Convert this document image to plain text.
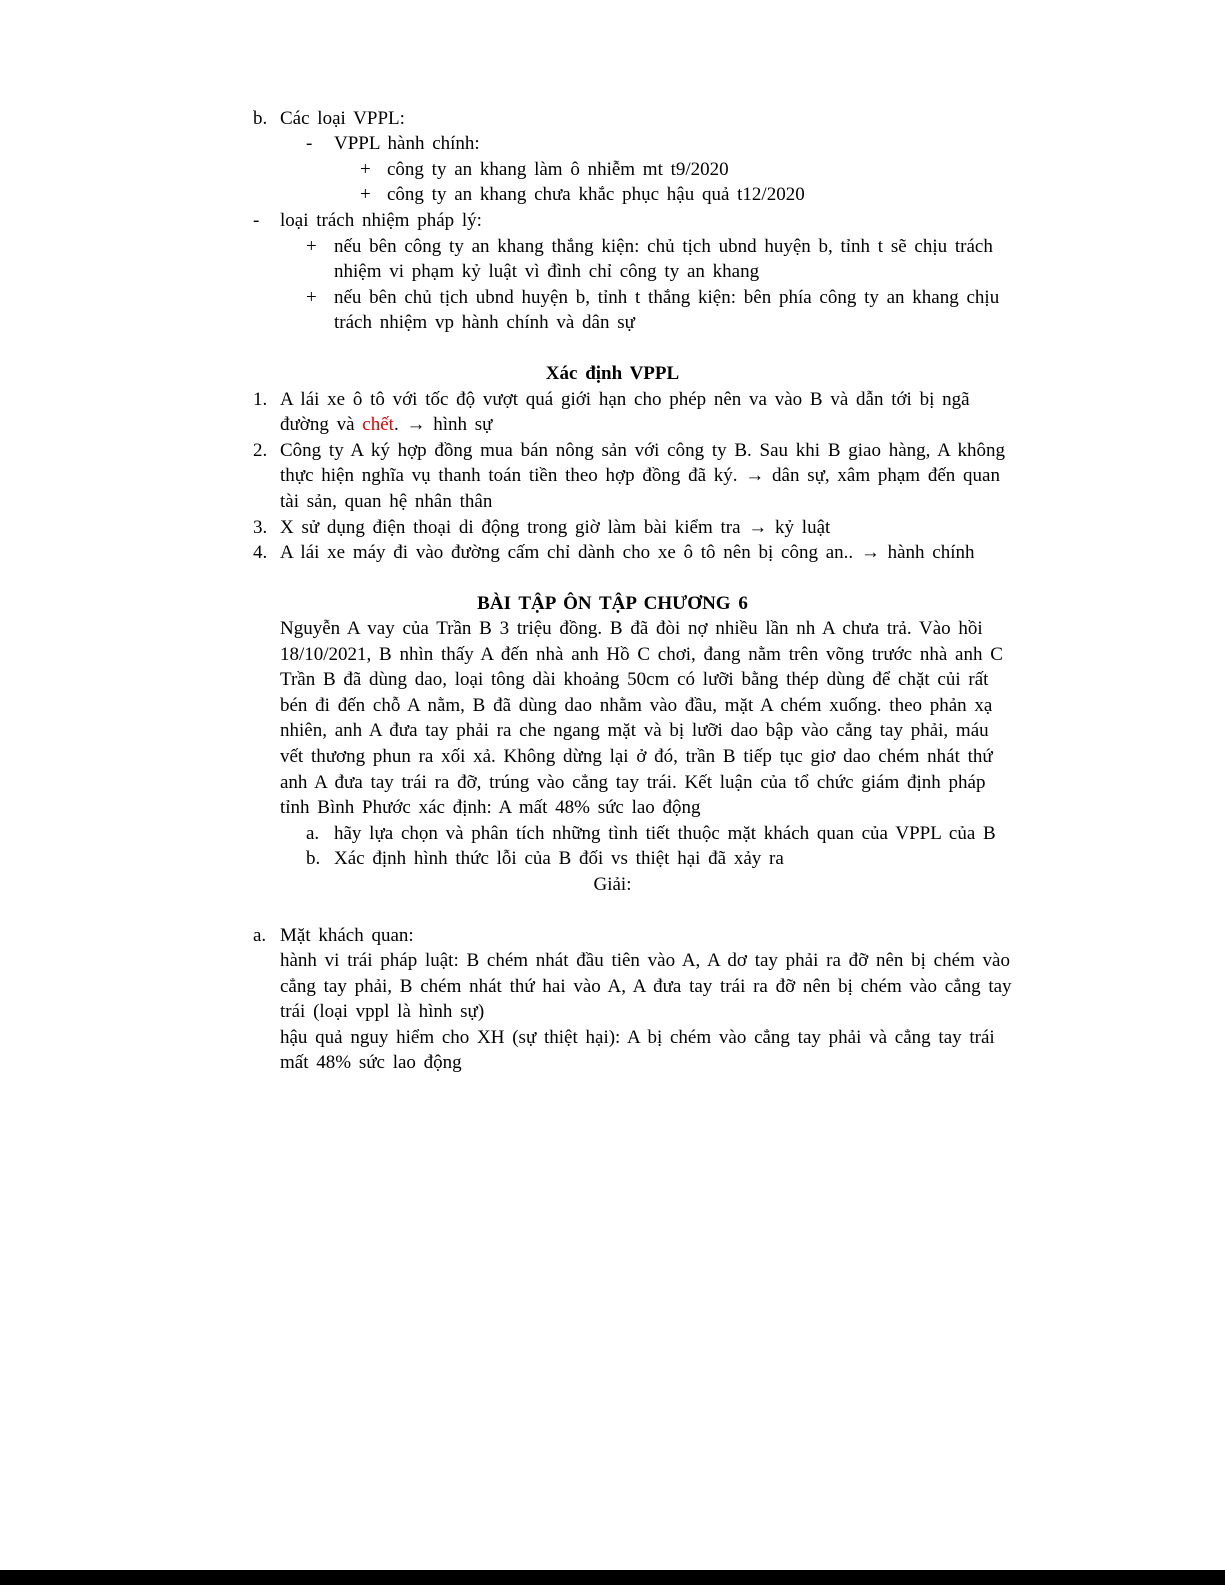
b. Các loại VPPL:
- VPPL hành chính:
+ công ty an khang làm ô nhiễm mt t9/2020
+ công ty an khang chưa khắc phục hậu quả t12/2020
- loại trách nhiệm pháp lý:
+ nếu bên công ty an khang thắng kiện: chủ tịch ubnd huyện b, tỉnh t sẽ chịu trách
nhiệm vi phạm kỷ luật vì đình chỉ công ty an khang
+ nếu bên chủ tịch ubnd huyện b, tỉnh t thắng kiện: bên phía công ty an khang chịu
trách nhiệm vp hành chính và dân sự
Xác định VPPL
1. A lái xe ô tô với tốc độ vượt quá giới hạn cho phép nên va vào B và dẫn tới bị ngã
đường và chết. → hình sự
2. Công ty A ký hợp đồng mua bán nông sản với công ty B. Sau khi B giao hàng, A không
thực hiện nghĩa vụ thanh toán tiền theo hợp đồng đã ký. → dân sự, xâm phạm đến quan
tài sản, quan hệ nhân thân
3. X sử dụng điện thoại di động trong giờ làm bài kiểm tra → kỷ luật
4. A lái xe máy đi vào đường cấm chỉ dành cho xe ô tô nên bị công an.. → hành chính
BÀI TẬP ÔN TẬP CHƯƠNG 6
Nguyễn A vay của Trần B 3 triệu đồng. B đã đòi nợ nhiều lần nh A chưa trả. Vào hồi
18/10/2021, B nhìn thấy A đến nhà anh Hồ C chơi, đang nằm trên võng trước nhà anh C
Trần B đã dùng dao, loại tông dài khoảng 50cm có lưỡi bằng thép dùng để chặt củi rất
bén đi đến chỗ A nằm, B đã dùng dao nhằm vào đầu, mặt A chém xuống. theo phản xạ
nhiên, anh A đưa tay phải ra che ngang mặt và bị lưỡi dao bập vào cẳng tay phải, máu
vết thương phun ra xối xả. Không dừng lại ở đó, trần B tiếp tục giơ dao chém nhát thứ
anh A đưa tay trái ra đỡ, trúng vào cẳng tay trái. Kết luận của tổ chức giám định pháp
tỉnh Bình Phước xác định: A mất 48% sức lao động
a. hãy lựa chọn và phân tích những tình tiết thuộc mặt khách quan của VPPL của B
b. Xác định hình thức lỗi của B đối vs thiệt hại đã xảy ra
Giải:
a. Mặt khách quan:
hành vi trái pháp luật: B chém nhát đầu tiên vào A, A dơ tay phải ra đỡ nên bị chém vào
cẳng tay phải, B chém nhát thứ hai vào A, A đưa tay trái ra đỡ nên bị chém vào cẳng tay
trái (loại vppl là hình sự)
hậu quả nguy hiểm cho XH (sự thiệt hại): A bị chém vào cẳng tay phải và cẳng tay trái
mất 48% sức lao động
